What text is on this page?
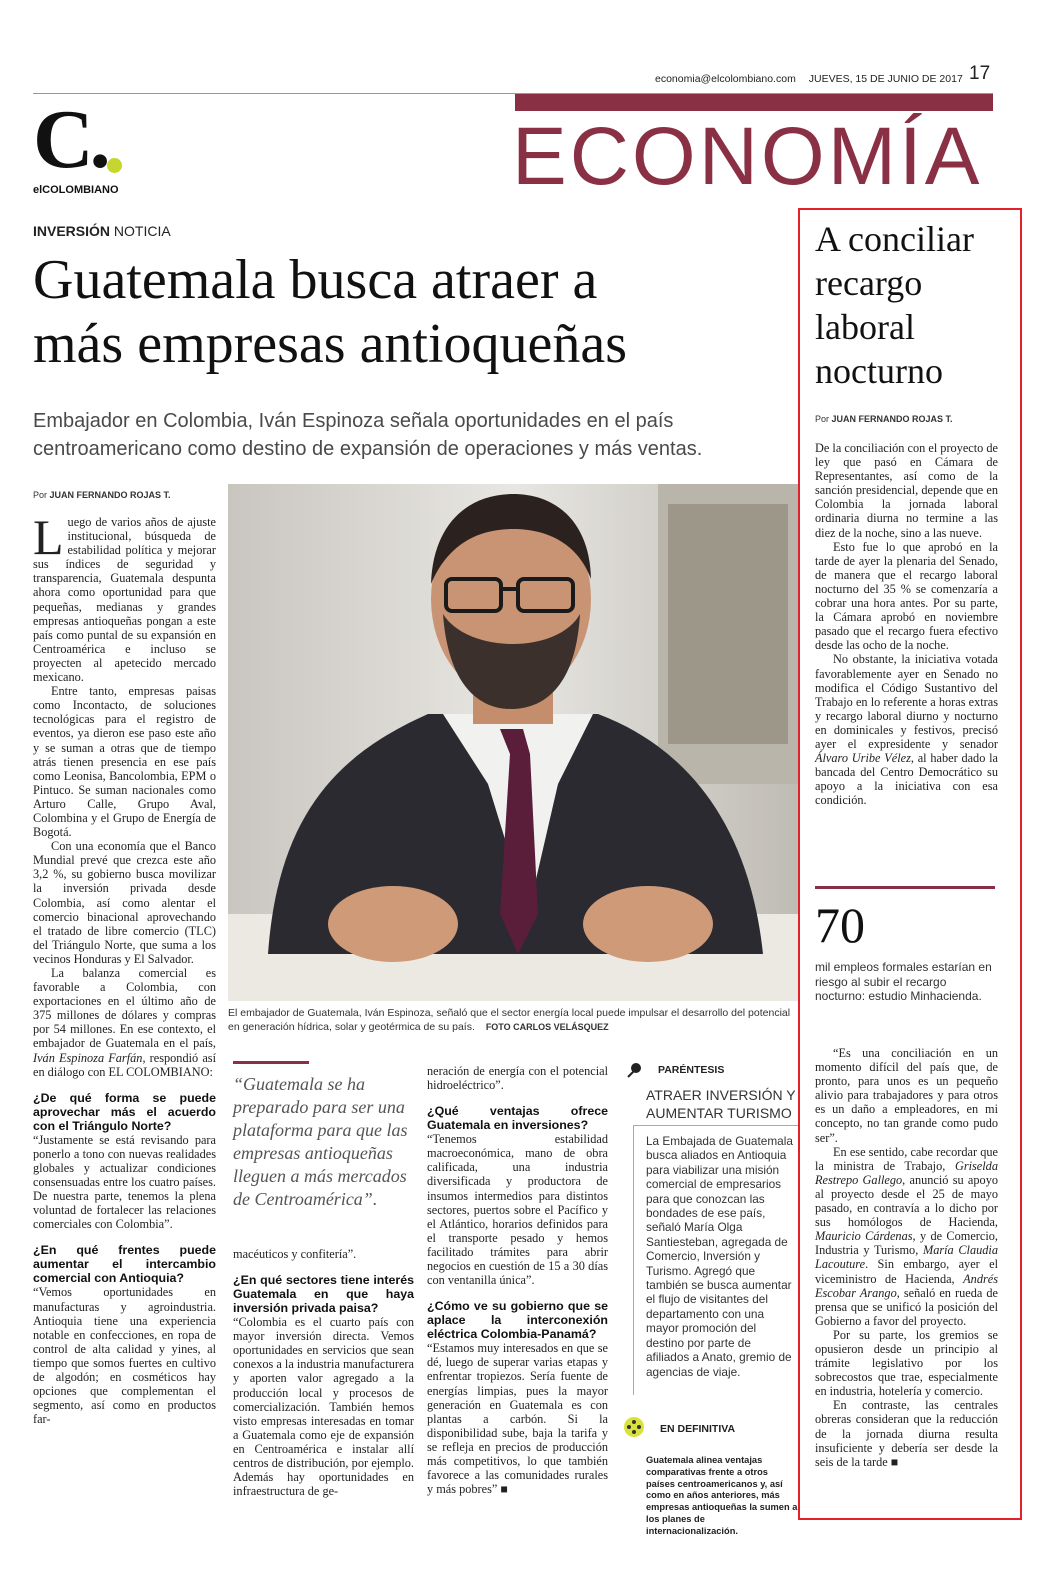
economia@elcolombiano.com JUEVES, 15 DE JUNIO DE 2017 17
C.
elCOLOMBIANO	ECONOMÍA
INVERSIÓN NOTICIA
Guatemala busca atraer a
más empresas antioqueñas
Embajador en Colombia, Iván Espinoza señala oportunidades en el país
centroamericano como destino de expansión de operaciones y más ventas.
Por JUAN FERNANDO ROJAS T.

Luego de varios años de ajuste institucional, búsqueda de estabilidad política y mejorar sus índices de seguridad y transparencia, Guatemala despunta ahora como oportunidad para que pequeñas, medianas y grandes empresas antioqueñas pongan a este país como puntal de su expansión en Centroamérica e incluso se proyecten al apetecido mercado mexicano.

Entre tanto, empresas paisas como Incontacto, de soluciones tecnológicas para el registro de eventos, ya dieron ese paso este año y se suman a otras que de tiempo atrás tienen presencia en ese país como Leonisa, Bancolombia, EPM o Pintuco. Se suman nacionales como Arturo Calle, Grupo Aval, Colombina y el Grupo de Energía de Bogotá.

Con una economía que el Banco Mundial prevé que crezca este año 3,2 %, su gobierno busca movilizar la inversión privada desde Colombia, así como alentar el comercio binacional aprovechando el tratado de libre comercio (TLC) del Triángulo Norte, que suma a los vecinos Honduras y El Salvador.

La balanza comercial es favorable a Colombia, con exportaciones en el último año de 375 millones de dólares y compras por 54 millones. En ese contexto, el embajador de Guatemala en el país, Iván Espinoza Farfán, respondió así en diálogo con EL COLOMBIANO:

¿De qué forma se puede aprovechar más el acuerdo con el Triángulo Norte?

“Justamente se está revisando para ponerlo a tono con nuevas realidades globales y actualizar condiciones consensuadas entre los cuatro países. De nuestra parte, tenemos la plena voluntad de fortalecer las relaciones comerciales con Colombia”.

¿En qué frentes puede aumentar el intercambio comercial con Antioquia?

“Vemos oportunidades en manufacturas y agroindustria. Antioquia tiene una experiencia notable en confecciones, en ropa de control de alta calidad y yines, al tiempo que somos fuertes en cultivo de algodón; en cosméticos hay opciones que complementan el segmento, así como en productos far-

El embajador de Guatemala, Iván Espinoza, señaló que el sector energía local puede impulsar el desarrollo del potencial en generación hídrica, solar y geotérmica de su país. FOTO CARLOS VELÁSQUEZ
“Guatemala se ha preparado para ser una plataforma para que las empresas antioqueñas lleguen a más mercados de Centroamérica”.

macéuticos y confitería”.

¿En qué sectores tiene interés Guatemala en que haya inversión privada paisa?

“Colombia es el cuarto país con mayor inversión directa. Vemos oportunidades en servicios que sean conexos a la industria manufacturera y aporten valor agregado a la producción local y procesos de comercialización. También hemos visto empresas interesadas en tomar a Guatemala como eje de expansión en Centroamérica e instalar allí centros de distribución, por ejemplo. Además hay oportunidades en infraestructura de ge-

neración de energía con el potencial hidroeléctrico”.

¿Qué ventajas ofrece Guatemala en inversiones?

“Tenemos estabilidad macroeconómica, mano de obra calificada, una industria diversificada y productora de insumos intermedios para distintos sectores, puertos sobre el Pacífico y el Atlántico, horarios definidos para el transporte pesado y hemos facilitado trámites para abrir negocios en cuestión de 15 a 30 días con ventanilla única”.

¿Cómo ve su gobierno que se aplace la interconexión eléctrica Colombia-Panamá?

“Estamos muy interesados en que se dé, luego de superar varias etapas y enfrentar tropiezos. Sería fuente de energías limpias, pues la mayor generación en Guatemala es con plantas a carbón. Si la disponibilidad sube, baja la tarifa y se refleja en precios de producción más competitivos, lo que también favorece a las comunidades rurales y más pobres” ■

PARÉNTESIS
ATRAER INVERSIÓN Y
AUMENTAR TURISMO
La Embajada de Guatemala busca aliados en Antioquia para viabilizar una misión comercial de empresarios para que conozcan las bondades de ese país, señaló María Olga Santiesteban, agregada de Comercio, Inversión y Turismo. Agregó que también se busca aumentar el flujo de visitantes del departamento con una mayor promoción del destino por parte de afiliados a Anato, gremio de agencias de viaje.
EN DEFINITIVA
Guatemala alinea ventajas comparativas frente a otros países centroamericanos y, así como en años anteriores, más empresas antioqueñas la sumen a los planes de internacionalización.
A conciliar
recargo
laboral
nocturno
Por JUAN FERNANDO ROJAS T.

De la conciliación con el proyecto de ley que pasó en Cámara de Representantes, así como de la sanción presidencial, depende que en Colombia la jornada laboral ordinaria diurna no termine a las diez de la noche, sino a las nueve.

Esto fue lo que aprobó en la tarde de ayer la plenaria del Senado, de manera que el recargo laboral nocturno del 35 % se comenzaría a cobrar una hora antes. Por su parte, la Cámara aprobó en noviembre pasado que el recargo fuera efectivo desde las ocho de la noche.

No obstante, la iniciativa votada favorablemente ayer en Senado no modifica el Código Sustantivo del Trabajo en lo referente a horas extras y recargo laboral diurno y nocturno en dominicales y festivos, precisó ayer el expresidente y senador Álvaro Uribe Vélez, al haber dado la bancada del Centro Democrático su apoyo a la iniciativa con esa condición.

70
mil empleos formales estarían en riesgo al subir el recargo nocturno: estudio Minhacienda.

“Es una conciliación en un momento difícil del país que, de pronto, para unos es un pequeño alivio para trabajadores y para otros es un daño a empleadores, en mi concepto, no tan grande como pudo ser”.

En ese sentido, cabe recordar que la ministra de Trabajo, Griselda Restrepo Gallego, anunció su apoyo al proyecto desde el 25 de mayo pasado, en contravía a lo dicho por sus homólogos de Hacienda, Mauricio Cárdenas, y de Comercio, Industria y Turismo, María Claudia Lacouture. Sin embargo, ayer el viceministro de Hacienda, Andrés Escobar Arango, señaló en rueda de prensa que se unificó la posición del Gobierno a favor del proyecto.

Por su parte, los gremios se opusieron desde un principio al trámite legislativo por los sobrecostos que trae, especialmente en industria, hotelería y comercio.

En contraste, las centrales obreras consideran que la reducción de la jornada diurna resulta insuficiente y debería ser desde la seis de la tarde ■
